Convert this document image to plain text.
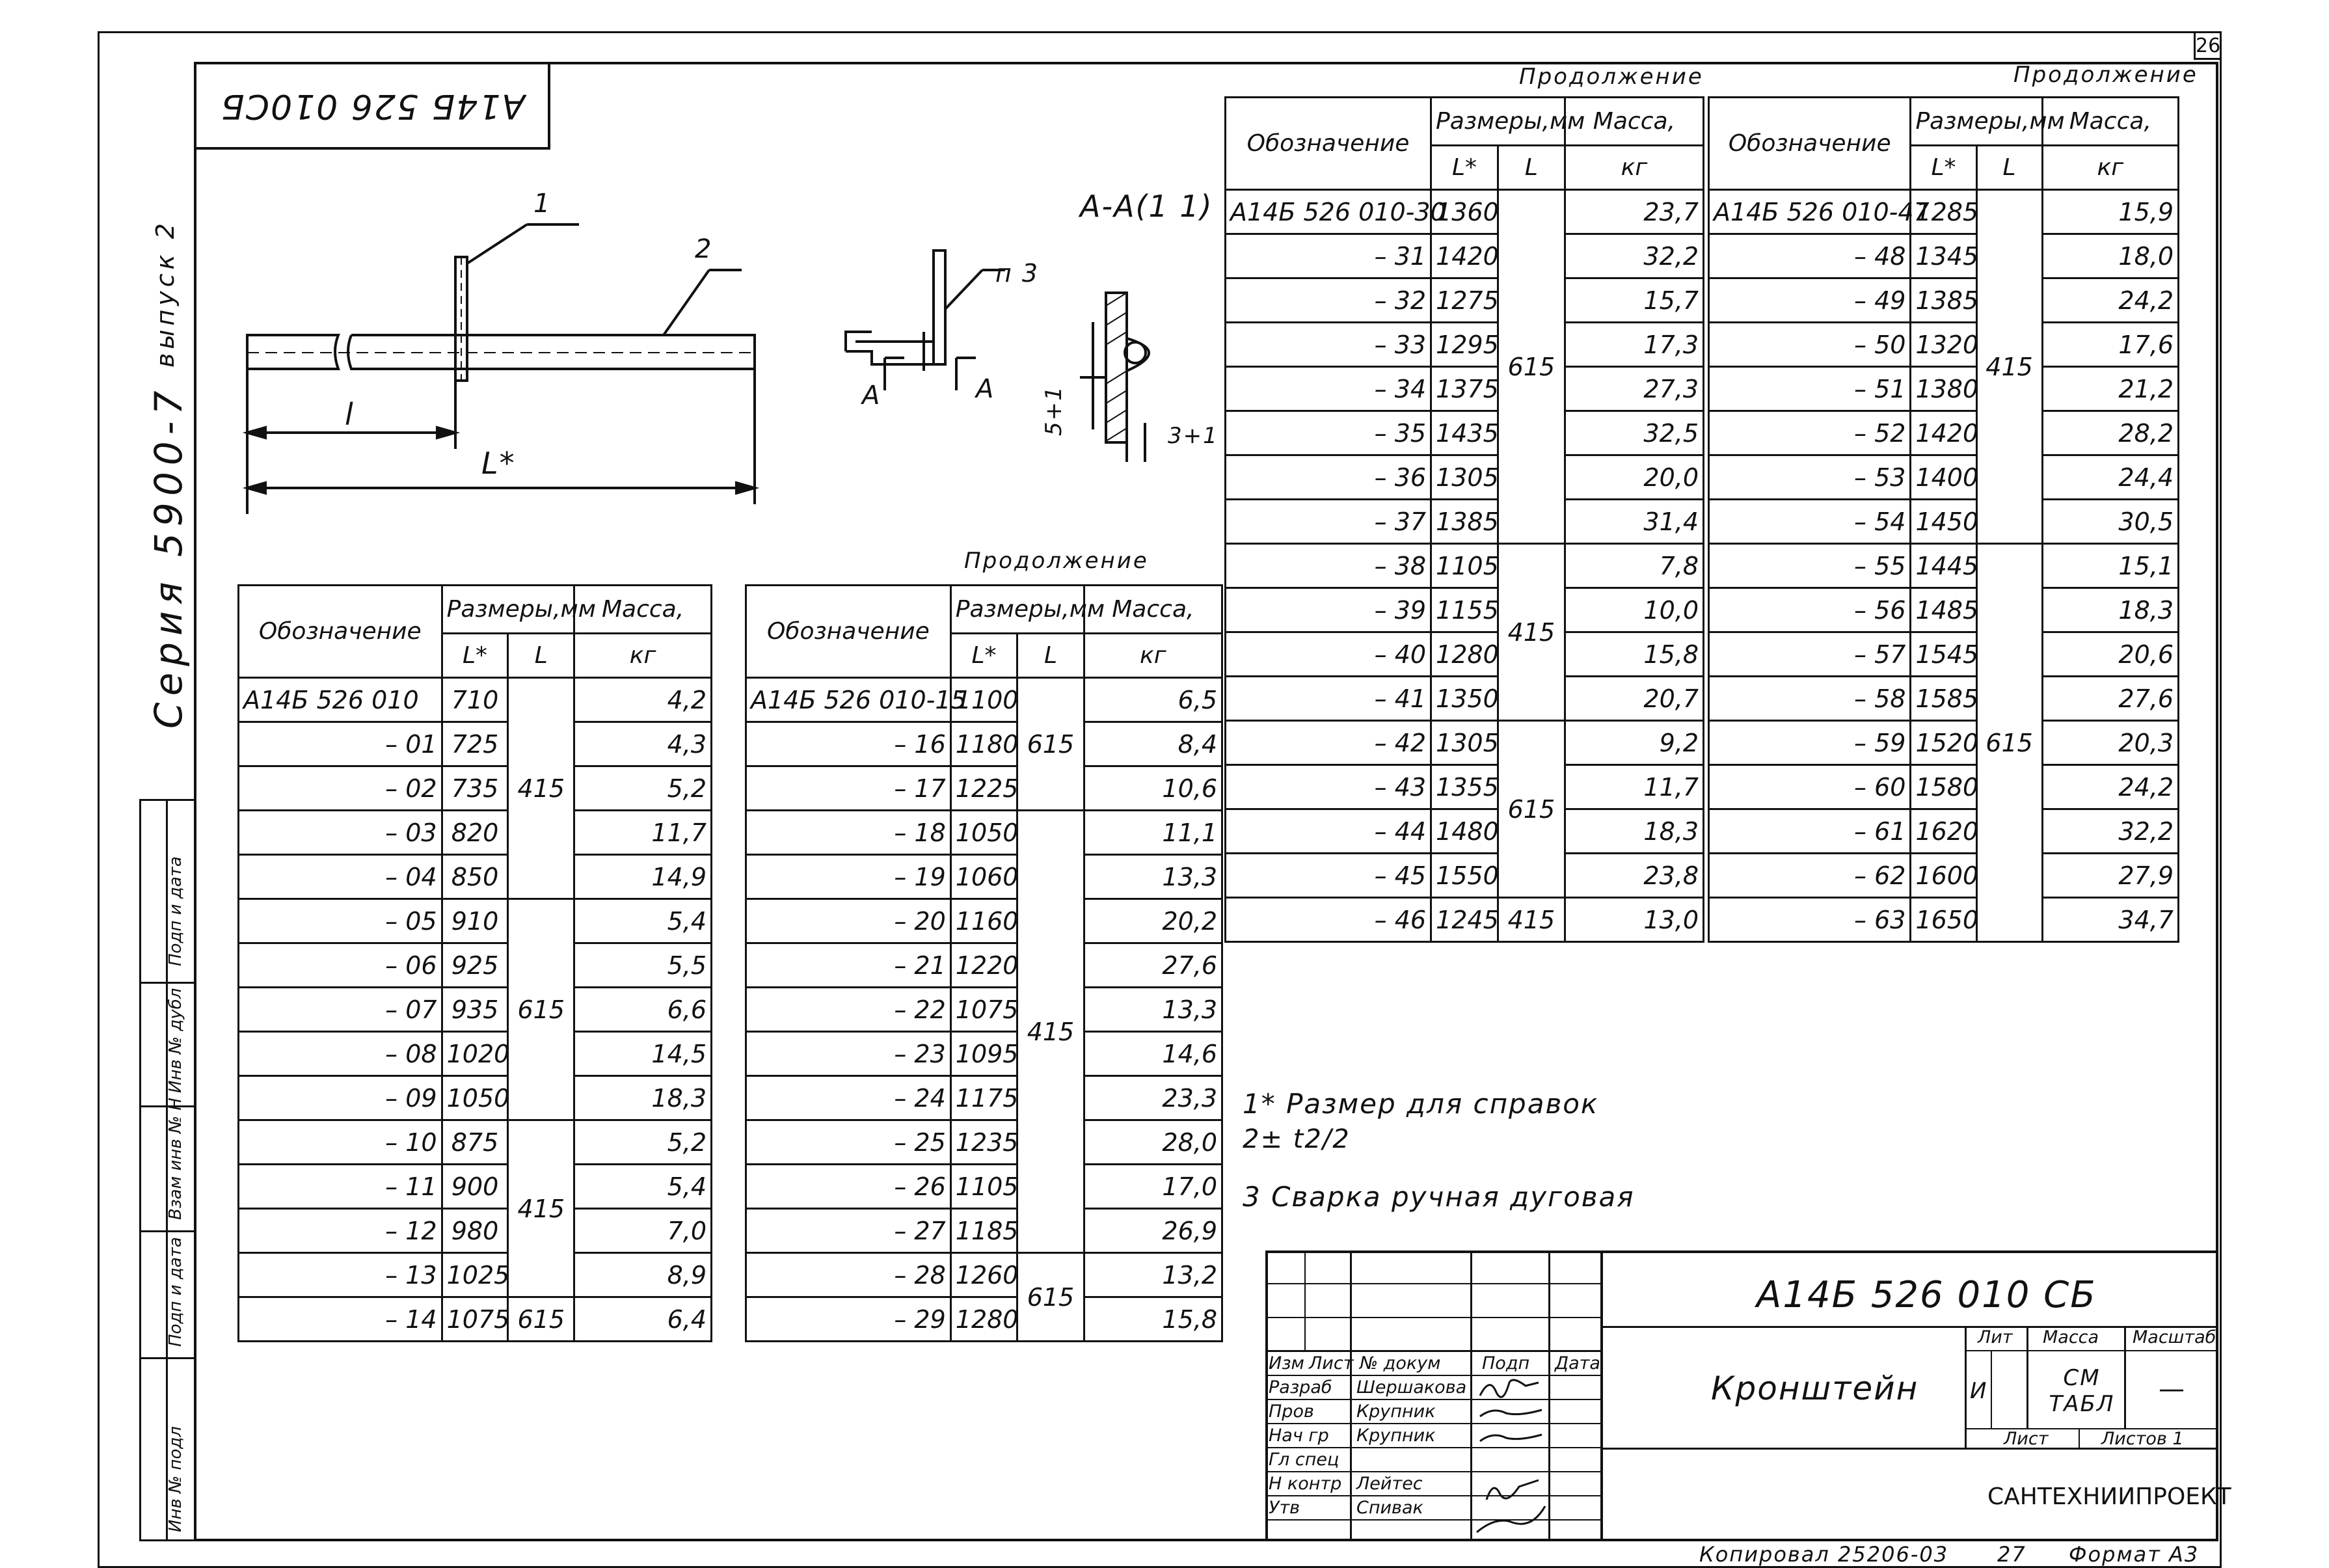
26
А14Б 526 010СБ
выпуск 2
Серия 5900-7
Подп и дата
Инв № дубл
Взам инв № Н
Подп и дата
Инв № подл
1
2
l
L*
А-А(1 1)
п 3
А	А 5+1	3+1
Продолжение
Продолжение	Продолжение
Обозначение	Размеры,мм		Масса,
	L*	L	кг
А14Б 526 010	710	415	4,2
– 01	725		4,3
– 02	735		5,2
– 03	820		11,7
– 04	850		14,9
– 05	910	615	5,4
– 06	925		5,5
– 07	935		6,6
– 08	1020		14,5
– 09	1050		18,3
– 10	875	415	5,2
– 11	900		5,4
– 12	980		7,0
– 13	1025		8,9
– 14	1075	615	6,4
Обозначение	Размеры,мм		Масса,
	L*	L	кг
А14Б 526 010-15	1100	615	6,5
– 16	1180		8,4
– 17	1225		10,6
– 18	1050	415	11,1
– 19	1060		13,3
– 20	1160		20,2
– 21	1220		27,6
– 22	1075		13,3
– 23	1095		14,6
– 24	1175		23,3
– 25	1235		28,0
– 26	1105		17,0
– 27	1185		26,9
– 28	1260	615	13,2
– 29	1280		15,8
Обозначение	Размеры,мм		Масса,
	L*	L	кг
А14Б 526 010-30	1360	615	23,7
– 31	1420		32,2
– 32	1275		15,7
– 33	1295		17,3
– 34	1375		27,3
– 35	1435		32,5
– 36	1305		20,0
– 37	1385		31,4
– 38	1105	415	7,8
– 39	1155		10,0
– 40	1280		15,8
– 41	1350		20,7
– 42	1305	615	9,2
– 43	1355		11,7
– 44	1480		18,3
– 45	1550		23,8
– 46	1245	415	13,0
Обозначение	Размеры,мм		Масса,
	L*	L	кг
А14Б 526 010-47	1285	415	15,9
– 48	1345		18,0
– 49	1385		24,2
– 50	1320		17,6
– 51	1380		21,2
– 52	1420		28,2
– 53	1400		24,4
– 54	1450		30,5
– 55	1445	615	15,1
– 56	1485		18,3
– 57	1545		20,6
– 58	1585		27,6
– 59	1520		20,3
– 60	1580		24,2
– 61	1620		32,2
– 62	1600		27,9
– 63	1650		34,7
1* Размер для справок
2± t2/2
3 Сварка ручная дуговая
Изм Лист № докум Подп Дата
Разраб Шершакова
Пров Крупник
Нач гр Крупник
Гл спец
Н контр Лейтес
Утв	Спивак
А14Б 526 010 СБ
Кронштейн
Лит Масса Масштаб
И	СМ ТАБЛ —
Лист	Листов 1
САНТЕХНИИПРОЕКТ
Копировал 25206-03 27 Формат А3
